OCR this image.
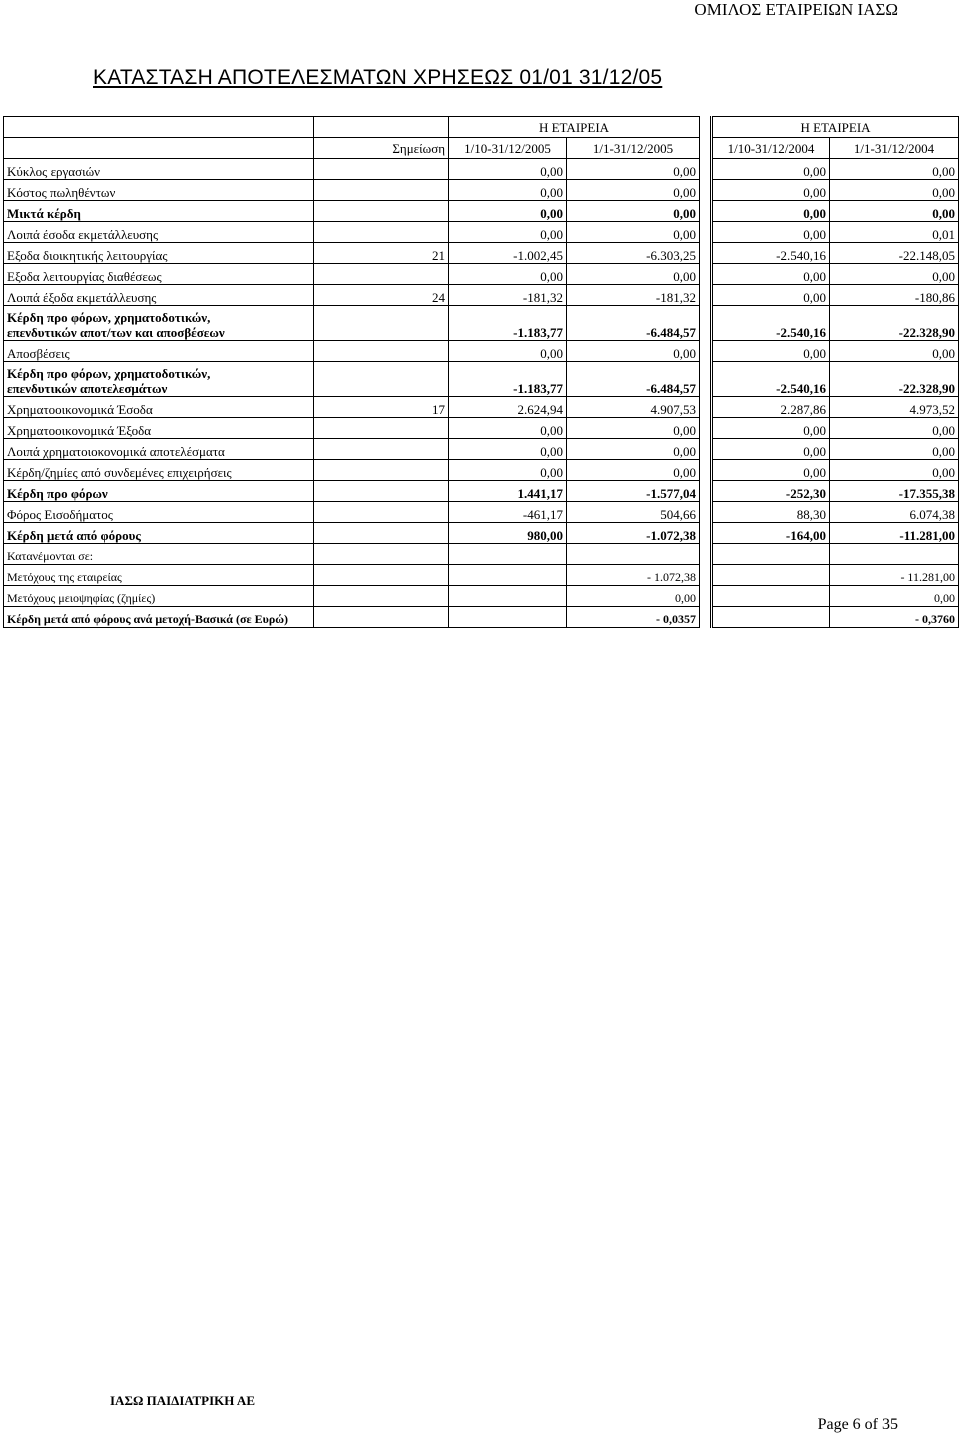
ΟΜΙΛΟΣ ΕΤΑΙΡΕΙΩΝ ΙΑΣΩ
ΚΑΤΑΣΤΑΣΗ ΑΠΟΤΕΛΕΣΜΑΤΩΝ ΧΡΗΣΕΩΣ 01/01 31/12/05
		Η ΕΤΑΙΡΕΙΑ			Η ΕΤΑΙΡΕΙΑ	
	Σημείωση	1/10-31/12/2005	1/1-31/12/2005		1/10-31/12/2004	1/1-31/12/2004
Κύκλος εργασιών		0,00	0,00		0,00	0,00
Κόστος πωληθέντων		0,00	0,00		0,00	0,00
Μικτά κέρδη		0,00	0,00		0,00	0,00
Λοιπά έσοδα εκμετάλλευσης		0,00	0,00		0,00	0,01
Εξοδα διοικητικής λειτουργίας	21	-1.002,45	-6.303,25		-2.540,16	-22.148,05
Εξοδα λειτουργίας διαθέσεως		0,00	0,00		0,00	0,00
Λοιπά έξοδα εκμετάλλευσης	24	-181,32	-181,32		0,00	-180,86

Κέρδη προ φόρων, χρηματοδοτικών,
επενδυτικών αποτ/των και αποσβέσεων		-1.183,77	-6.484,57		-2.540,16	-22.328,90
Αποσβέσεις		0,00	0,00		0,00	0,00

Κέρδη προ φόρων, χρηματοδοτικών,
επενδυτικών αποτελεσμάτων		-1.183,77	-6.484,57		-2.540,16	-22.328,90
Χρηματοοικονομικά Έσοδα	17	2.624,94	4.907,53		2.287,86	4.973,52
Χρηματοοικονομικά Έξοδα		0,00	0,00		0,00	0,00
Λοιπά χρηματοιοκονομικά αποτελέσματα		0,00	0,00		0,00	0,00
Κέρδη/ζημίες από συνδεμένες επιχειρήσεις		0,00	0,00		0,00	0,00
Κέρδη προ φόρων		1.441,17	-1.577,04		-252,30	-17.355,38
Φόρος Εισοδήματος		-461,17	504,66		88,30	6.074,38
Κέρδη μετά από φόρους		980,00	-1.072,38		-164,00	-11.281,00
Κατανέμονται σε:						
Μετόχους της εταιρείας			- 1.072,38			- 11.281,00
Μετόχους μειοψηφίας (ζημίες)			0,00			0,00
Κέρδη μετά από φόρους ανά μετοχή-Βασικά (σε Ευρώ)			- 0,0357			- 0,3760
ΙΑΣΩ ΠΑΙΔΙΑΤΡΙΚΗ ΑΕ
Page 6 of 35
